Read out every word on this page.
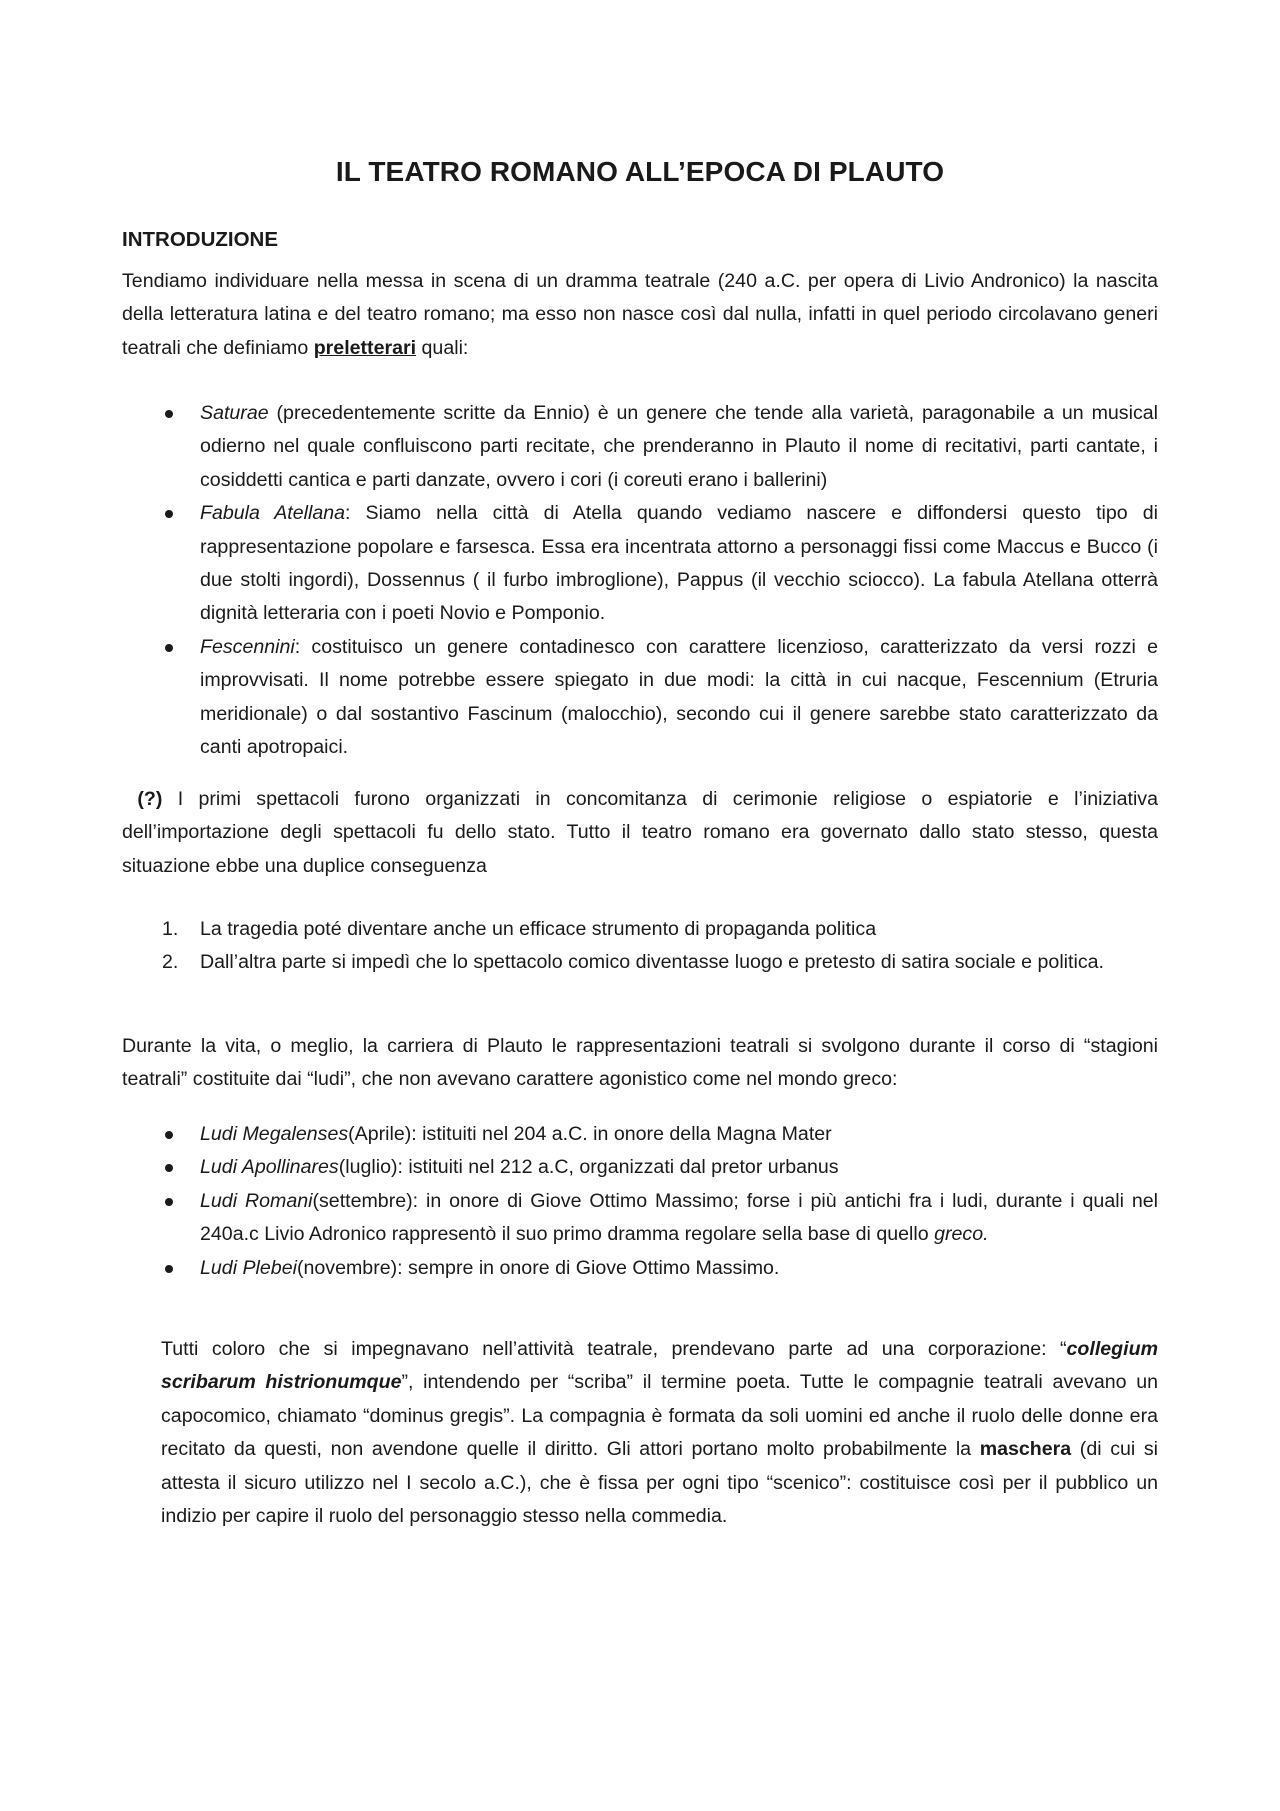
IL TEATRO ROMANO ALL’EPOCA DI PLAUTO
INTRODUZIONE

Tendiamo individuare nella messa in scena di un dramma teatrale (240 a.C. per opera di Livio Andronico) la nascita della letteratura latina e del teatro romano; ma esso non nasce così dal nulla, infatti in quel periodo circolavano generi teatrali che definiamo preletterari quali:

Saturae (precedentemente scritte da Ennio) è un genere che tende alla varietà, paragonabile a un musical odierno nel quale confluiscono parti recitate, che prenderanno in Plauto il nome di recitativi, parti cantate, i cosiddetti cantica e parti danzate, ovvero i cori (i coreuti erano i ballerini)
Fabula Atellana: Siamo nella città di Atella quando vediamo nascere e diffondersi questo tipo di rappresentazione popolare e farsesca. Essa era incentrata attorno a personaggi fissi come Maccus e Bucco (i due stolti ingordi), Dossennus ( il furbo imbroglione), Pappus (il vecchio sciocco). La fabula Atellana otterrà dignità letteraria con i poeti Novio e Pomponio.
Fescennini: costituisco un genere contadinesco con carattere licenzioso, caratterizzato da versi rozzi e improvvisati. Il nome potrebbe essere spiegato in due modi: la città in cui nacque, Fescennium (Etruria meridionale) o dal sostantivo Fascinum (malocchio), secondo cui il genere sarebbe stato caratterizzato da canti apotropaici.

(?) I primi spettacoli furono organizzati in concomitanza di cerimonie religiose o espiatorie e l’iniziativa dell’importazione degli spettacoli fu dello stato. Tutto il teatro romano era governato dallo stato stesso, questa situazione ebbe una duplice conseguenza

1. La tragedia poté diventare anche un efficace strumento di propaganda politica
2. Dall’altra parte si impedì che lo spettacolo comico diventasse luogo e pretesto di satira sociale e politica.

Durante la vita, o meglio, la carriera di Plauto le rappresentazioni teatrali si svolgono durante il corso di “stagioni teatrali” costituite dai “ludi”, che non avevano carattere agonistico come nel mondo greco:

Ludi Megalenses(Aprile): istituiti nel 204 a.C. in onore della Magna Mater
Ludi Apollinares(luglio): istituiti nel 212 a.C, organizzati dal pretor urbanus
Ludi Romani(settembre): in onore di Giove Ottimo Massimo; forse i più antichi fra i ludi, durante i quali nel 240a.c Livio Adronico rappresentò il suo primo dramma regolare sella base di quello greco.
Ludi Plebei(novembre): sempre in onore di Giove Ottimo Massimo.

Tutti coloro che si impegnavano nell’attività teatrale, prendevano parte ad una corporazione: “collegium scribarum histrionumque”, intendendo per “scriba” il termine poeta. Tutte le compagnie teatrali avevano un capocomico, chiamato “dominus gregis”. La compagnia è formata da soli uomini ed anche il ruolo delle donne era recitato da questi, non avendone quelle il diritto. Gli attori portano molto probabilmente la maschera (di cui si attesta il sicuro utilizzo nel I secolo a.C.), che è fissa per ogni tipo “scenico”: costituisce così per il pubblico un indizio per capire il ruolo del personaggio stesso nella commedia.
